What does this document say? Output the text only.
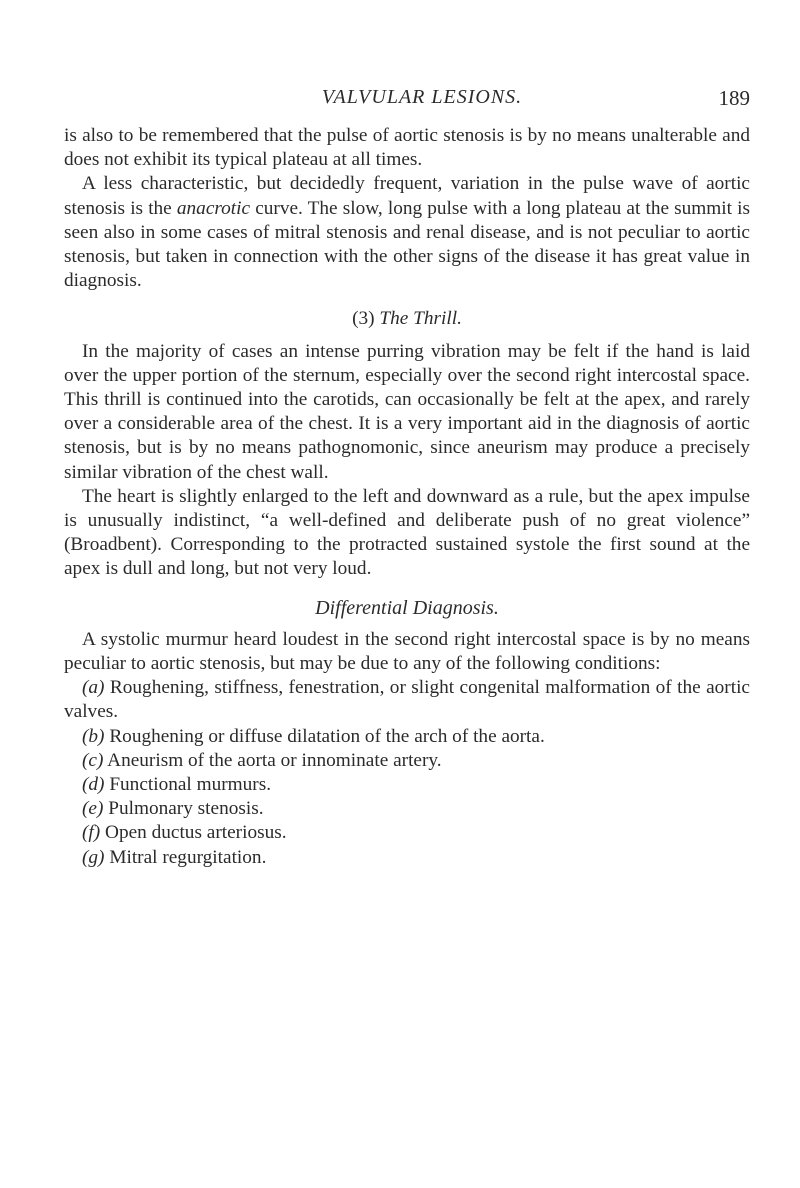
VALVULAR LESIONS.	189

is also to be remembered that the pulse of aortic stenosis is by no means unalterable and does not exhibit its typical plateau at all times.

A less characteristic, but decidedly frequent, variation in the pulse wave of aortic stenosis is the anacrotic curve. The slow, long pulse with a long plateau at the summit is seen also in some cases of mitral stenosis and renal disease, and is not peculiar to aortic stenosis, but taken in connection with the other signs of the disease it has great value in diagnosis.

(3) The Thrill.

In the majority of cases an intense purring vibration may be felt if the hand is laid over the upper portion of the sternum, especially over the second right intercostal space. This thrill is continued into the carotids, can occasionally be felt at the apex, and rarely over a considerable area of the chest. It is a very important aid in the diagnosis of aortic stenosis, but is by no means pathognomonic, since aneurism may produce a precisely similar vibration of the chest wall.

The heart is slightly enlarged to the left and downward as a rule, but the apex impulse is unusually indistinct, “a well-defined and deliberate push of no great violence” (Broadbent). Corresponding to the protracted sustained systole the first sound at the apex is dull and long, but not very loud.

Differential Diagnosis.

A systolic murmur heard loudest in the second right intercostal space is by no means peculiar to aortic stenosis, but may be due to any of the following conditions:

(a) Roughening, stiffness, fenestration, or slight congenital malformation of the aortic valves.

(b) Roughening or diffuse dilatation of the arch of the aorta.

(c) Aneurism of the aorta or innominate artery.

(d) Functional murmurs.

(e) Pulmonary stenosis.

(f) Open ductus arteriosus.

(g) Mitral regurgitation.
